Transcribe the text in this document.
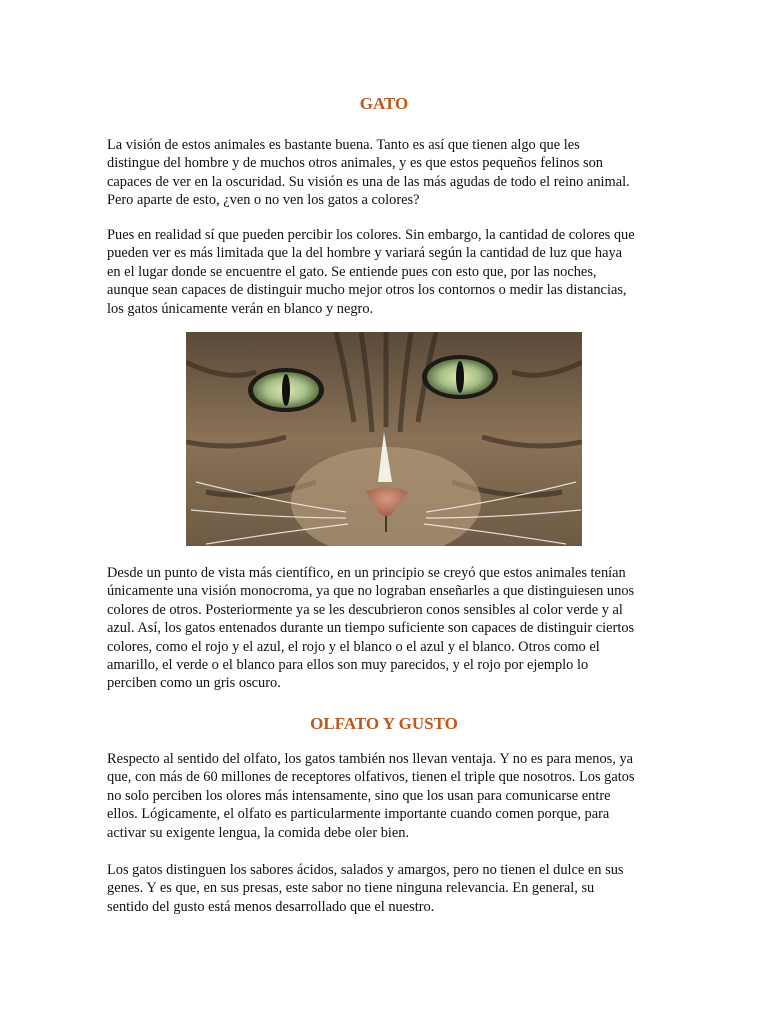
GATO

La visión de estos animales es bastante buena. Tanto es así que tienen algo que les
distingue del hombre y de muchos otros animales, y es que estos pequeños felinos son
capaces de ver en la oscuridad. Su visión es una de las más agudas de todo el reino animal.
Pero aparte de esto, ¿ven o no ven los gatos a colores?

Pues en realidad sí que pueden percibir los colores. Sin embargo, la cantidad de colores que
pueden ver es más limitada que la del hombre y variará según la cantidad de luz que haya
en el lugar donde se encuentre el gato. Se entiende pues con esto que, por las noches,
aunque sean capaces de distinguir mucho mejor otros los contornos o medir las distancias,
los gatos únicamente verán en blanco y negro.

Desde un punto de vista más científico, en un principio se creyó que estos animales tenían
únicamente una visión monocroma, ya que no lograban enseñarles a que distinguiesen unos
colores de otros. Posteriormente ya se les descubrieron conos sensibles al color verde y al
azul. Así, los gatos entenados durante un tiempo suficiente son capaces de distinguir ciertos
colores, como el rojo y el azul, el rojo y el blanco o el azul y el blanco. Otros como el
amarillo, el verde o el blanco para ellos son muy parecidos, y el rojo por ejemplo lo
perciben como un gris oscuro.

OLFATO Y GUSTO

Respecto al sentido del olfato, los gatos también nos llevan ventaja. Y no es para menos, ya
que, con más de 60 millones de receptores olfativos, tienen el triple que nosotros. Los gatos
no solo perciben los olores más intensamente, sino que los usan para comunicarse entre
ellos. Lógicamente, el olfato es particularmente importante cuando comen porque, para
activar su exigente lengua, la comida debe oler bien.

Los gatos distinguen los sabores ácidos, salados y amargos, pero no tienen el dulce en sus
genes. Y es que, en sus presas, este sabor no tiene ninguna relevancia. En general, su
sentido del gusto está menos desarrollado que el nuestro.
